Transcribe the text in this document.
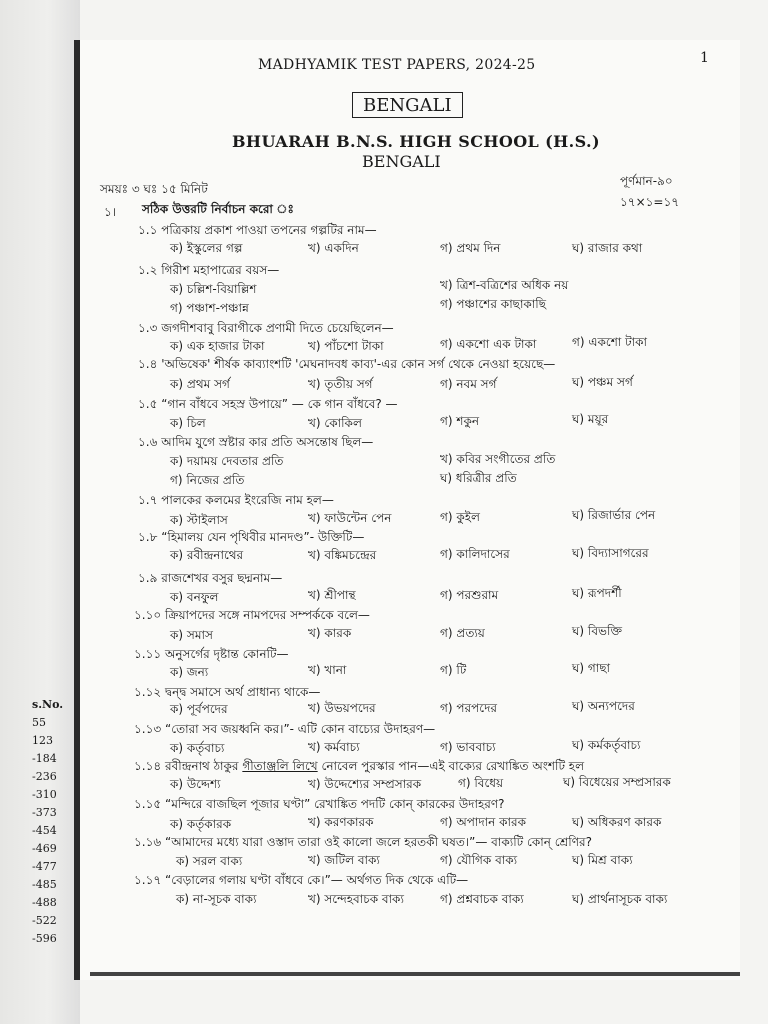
s.No.
55
123
-184
-236
-310
-373
-454
-469
-477
-485
-488
-522
-596
MADHYAMIK TEST PAPERS, 2024-25	1
BENGALI
BHUARAH B.N.S. HIGH SCHOOL (H.S.)
BENGALI
সময়ঃ ৩ ঘঃ ১৫ মিনিট
পূর্ণমান-৯০
১। সঠিক উত্তরটি নির্বাচন করো ঃ	১৭×১=১৭
১.১ পত্রিকায় প্রকাশ পাওয়া তপনের গল্পটির নাম—
ক) ইস্কুলের গল্প	খ) একদিন	গ) প্রথম দিন	ঘ) রাজার কথা
১.২ গিরীশ মহাপাত্রের বয়স—
ক) চল্লিশ-বিয়াল্লিশ	খ) ত্রিশ-বত্রিশের অধিক নয়
গ) পঞ্চাশ-পঞ্চান্ন	গ) পঞ্চাশের কাছাকাছি
১.৩ জগদীশবাবু বিরাগীকে প্রণামী দিতে চেয়েছিলেন—
ক) এক হাজার টাকা	খ) পাঁচশো টাকা	গ) একশো এক টাকা	গ) একশো টাকা
১.৪ 'অভিষেক' শীর্ষক কাব্যাংশটি 'মেঘনাদবধ কাব্য'-এর কোন সর্গ থেকে নেওয়া হয়েছে—
ক) প্রথম সর্গ	খ) তৃতীয় সর্গ	গ) নবম সর্গ	ঘ) পঞ্চম সর্গ
১.৫ “গান বাঁধবে সহস্র উপায়ে” — কে গান বাঁধবে? —
ক) চিল	খ) কোকিল	গ) শকুন	ঘ) ময়ূর
১.৬ আদিম যুগে স্রষ্টার কার প্রতি অসন্তোষ ছিল—
ক) দয়াময় দেবতার প্রতি	খ) কবির সংগীতের প্রতি
গ) নিজের প্রতি	ঘ) ধরিত্রীর প্রতি
১.৭ পালকের কলমের ইংরেজি নাম হল—
ক) স্টাইলাস	খ) ফাউন্টেন পেন	গ) কুইল	ঘ) রিজার্ভার পেন
১.৮ “হিমালয় যেন পৃথিবীর মানদণ্ড”- উক্তিটি—
ক) রবীন্দ্রনাথের	খ) বঙ্কিমচন্দ্রের	গ) কালিদাসের	ঘ) বিদ্যাসাগরের
১.৯ রাজশেখর বসুর ছদ্মনাম—
ক) বনফুল	খ) শ্রীপান্থ	গ) পরশুরাম	ঘ) রূপদর্শী
১.১০ ক্রিয়াপদের সঙ্গে নামপদের সম্পর্ককে বলে—
ক) সমাস	খ) কারক	গ) প্রত্যয়	ঘ) বিভক্তি
১.১১ অনুসর্গের দৃষ্টান্ত কোনটি—
ক) জন্য	খ) খানা	গ) টি	ঘ) গাছা
১.১২ দ্বন্দ্ব সমাসে অর্থ প্রাধান্য থাকে—
ক) পূর্বপদের	খ) উভয়পদের	গ) পরপদের	ঘ) অন্যপদের
১.১৩ “তোরা সব জয়ধ্বনি কর।”- এটি কোন বাচ্যের উদাহরণ—
ক) কর্তৃবাচ্য	খ) কর্মবাচ্য	গ) ভাববাচ্য	ঘ) কর্মকর্তৃবাচ্য
১.১৪ রবীন্দ্রনাথ ঠাকুর গীতাঞ্জলি লিখে নোবেল পুরস্কার পান—এই বাক্যের রেখাঙ্কিত অংশটি হল
ক) উদ্দেশ্য	খ) উদ্দেশ্যের সম্প্রসারক	গ) বিধেয়	ঘ) বিধেয়ের সম্প্রসারক
১.১৫ “মন্দিরে বাজছিল পূজার ঘণ্টা” রেখাঙ্কিত পদটি কোন্ কারকের উদাহরণ?
ক) কর্তৃকারক	খ) করণকারক	গ) অপাদান কারক	ঘ) অধিকরণ কারক
১.১৬ “আমাদের মধ্যে যারা ওস্তাদ তারা ওই কালো জলে হরতকী ঘষত।”— বাক্যটি কোন্ শ্রেণির?
ক) সরল বাক্য	খ) জটিল বাক্য	গ) যৌগিক বাক্য	ঘ) মিশ্র বাক্য
১.১৭ “বেড়ালের গলায় ঘণ্টা বাঁধবে কে।”— অর্থগত দিক থেকে এটি—
ক) না-সূচক বাক্য	খ) সন্দেহবাচক বাক্য	গ) প্রশ্নবাচক বাক্য	ঘ) প্রার্থনাসূচক বাক্য
